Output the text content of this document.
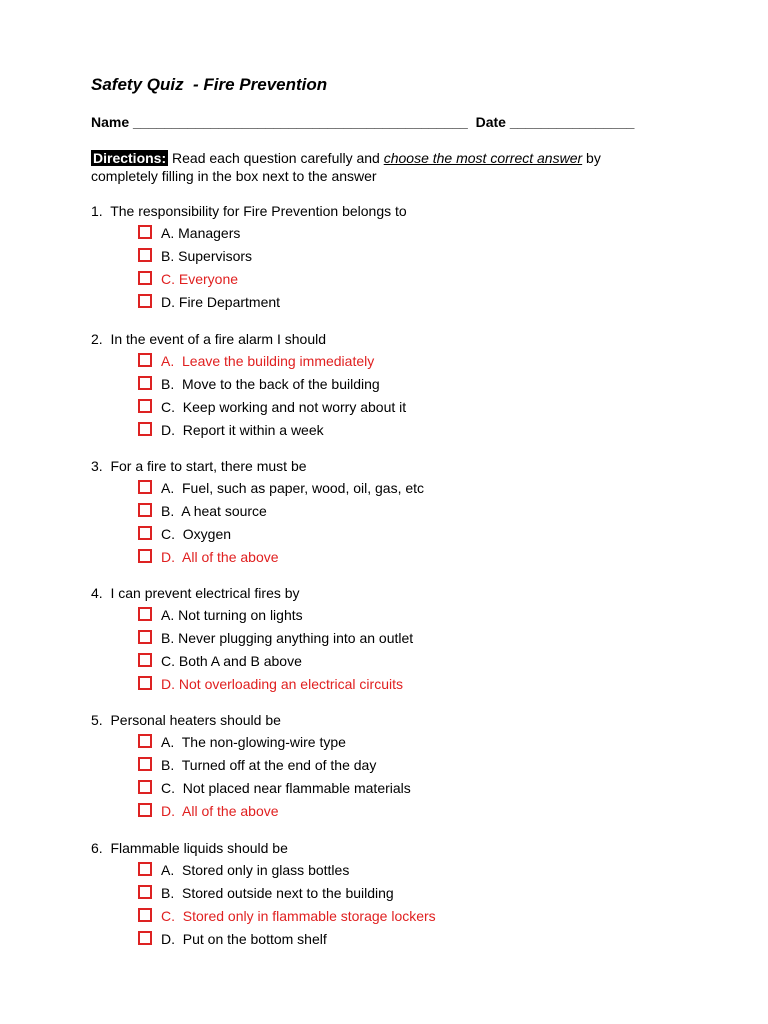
Safety Quiz  - Fire Prevention
Name ___________________________________________  Date ________________
Directions: Read each question carefully and choose the most correct answer by completely filling in the box next to the answer
1.  The responsibility for Fire Prevention belongs to
A. Managers
B. Supervisors
C. Everyone
D. Fire Department
2.  In the event of a fire alarm I should
A.  Leave the building immediately
B.  Move to the back of the building
C.  Keep working and not worry about it
D.  Report it within a week
3.  For a fire to start, there must be
A.  Fuel, such as paper, wood, oil, gas, etc
B.  A heat source
C.  Oxygen
D.  All of the above
4.  I can prevent electrical fires by
A. Not turning on lights
B. Never plugging anything into an outlet
C. Both A and B above
D. Not overloading an electrical circuits
5.  Personal heaters should be
A.  The non-glowing-wire type
B.  Turned off at the end of the day
C.  Not placed near flammable materials
D.  All of the above
6.  Flammable liquids should be
A.  Stored only in glass bottles
B.  Stored outside next to the building
C.  Stored only in flammable storage lockers
D.  Put on the bottom shelf
